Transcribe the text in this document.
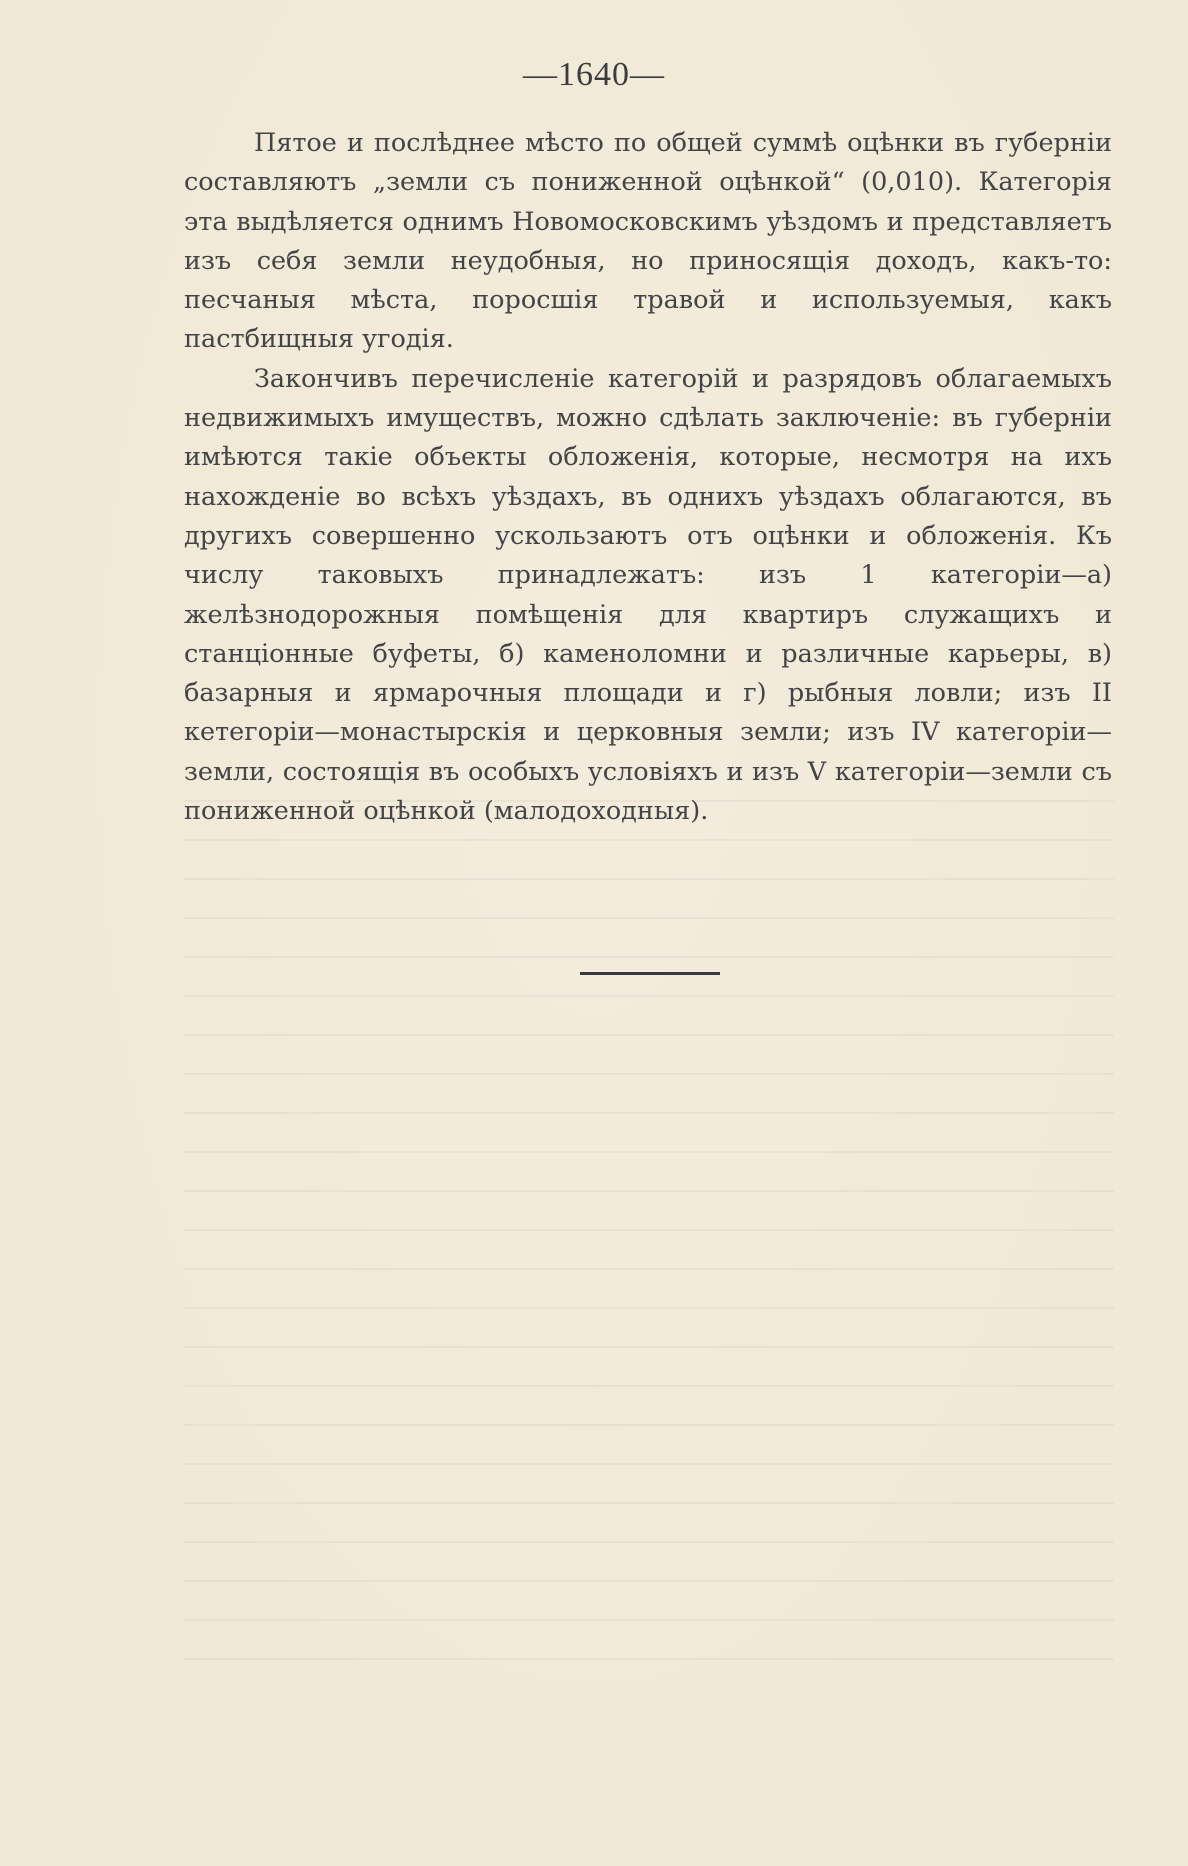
—1640—

Пятое и послѣднее мѣсто по общей суммѣ оцѣнки въ губерніи составляютъ „земли съ пониженной оцѣнкой“ (0,010). Категорія эта выдѣляется однимъ Новомосковскимъ уѣздомъ и представляетъ изъ себя земли неудобныя, но приносящія доходъ, какъ-то: песчаныя мѣста, поросшія травой и используемыя, какъ пастбищныя угодія.

Закончивъ перечисленіе категорій и разрядовъ облагаемыхъ недвижимыхъ имуществъ, можно сдѣлать заключеніе: въ губерніи имѣются такіе объекты обложенія, которые, несмотря на ихъ нахожденіе во всѣхъ уѣздахъ, въ однихъ уѣздахъ облагаются, въ другихъ совершенно ускользаютъ отъ оцѣнки и обложенія. Къ числу таковыхъ принадлежатъ: изъ 1 категоріи—а) желѣзнодорожныя помѣщенія для квартиръ служащихъ и станціонные буфеты, б) каменоломни и различные карьеры, в) базарныя и ярмарочныя площади и г) рыбныя ловли; изъ II кетегоріи—монастырскія и церковныя земли; изъ IV категоріи—земли, состоящія въ особыхъ условіяхъ и изъ V категоріи—земли съ пониженной оцѣнкой (малодоходныя).
